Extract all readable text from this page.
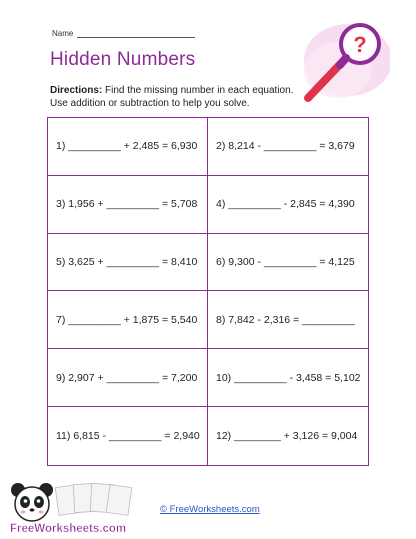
Name
Hidden Numbers
Directions: Find the missing number in each equation. Use addition or subtraction to help you solve.
?
1) _________ + 2,485 = 6,930	2) 8,214 - _________ = 3,679
3) 1,956 + _________ = 5,708	4) _________ - 2,845 = 4,390
5) 3,625 + _________ = 8,410	6) 9,300 - _________ = 4,125
7) _________ + 1,875 = 5,540	8) 7,842 - 2,316 = _________
9) 2,907 + _________ = 7,200	10) _________ - 3,458 = 5,102
11) 6,815 - _________ = 2,940	12) ________ + 3,126 = 9,004
FreeWorksheets.com
© FreeWorksheets.com
